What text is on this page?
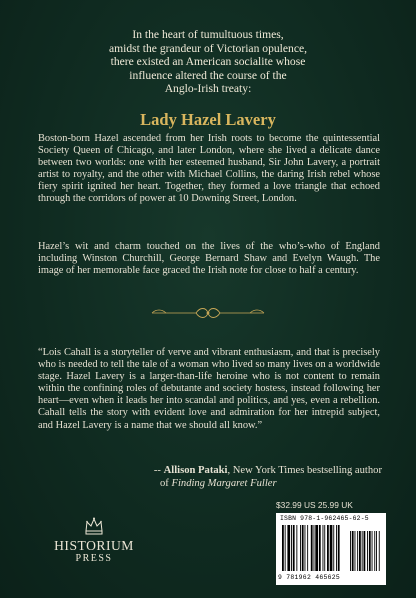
In the heart of tumultuous times,
amidst the grandeur of Victorian opulence,
there existed an American socialite whose
influence altered the course of the
Anglo-Irish treaty:
Lady Hazel Lavery

Boston-born Hazel ascended from her Irish roots to become the quintessential Society Queen of Chicago, and later London, where she lived a delicate dance between two worlds: one with her esteemed husband, Sir John Lavery, a portrait artist to royalty, and the other with Michael Collins, the daring Irish rebel whose fiery spirit ignited her heart. Together, they formed a love triangle that echoed through the corridors of power at 10 Downing Street, London.

Hazel’s wit and charm touched on the lives of the who’s-who of England including Winston Churchill, George Bernard Shaw and Evelyn Waugh. The image of her memorable face graced the Irish note for close to half a century.

“Lois Cahall is a storyteller of verve and vibrant enthusiasm, and that is precisely who is needed to tell the tale of a woman who lived so many lives on a worldwide stage. Hazel Lavery is a larger-than-life heroine who is not content to remain within the confining roles of debutante and society hostess, instead following her heart—even when it leads her into scandal and politics, and yes, even a rebellion. Cahall tells the story with evident love and admiration for her intrepid subject, and Hazel Lavery is a name that we should all know.”

-- Allison Pataki, New York Times bestselling author
of Finding Margaret Fuller
HISTORIUM
PRESS
$32.99 US 25.99 UK
ISBN 978-1-962465-62-5
9 781962 465625
